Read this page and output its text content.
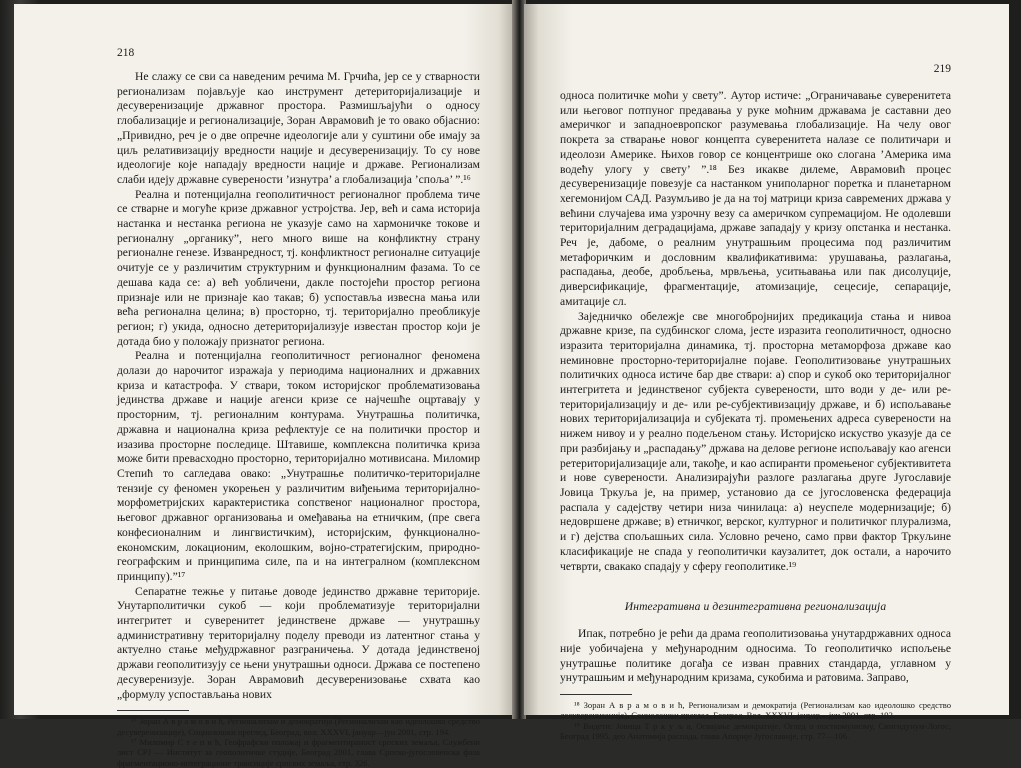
218

Не слажу се сви са наведеним речима М. Грчића, јер се у стварности регионализам појављује као инструмент детериторијализације и десуверенизације државног простора. Размишљајући о односу глобализације и регионализације, Зоран Аврамовић је то овако објаснио: „Привидно, реч је о две опречне идеологије али у суштини обе имају за циљ релативизацију вредности нације и десуверенизацију. То су нове идеологије које нападају вредности нације и државе. Регионализам слаби идеју државне суверености ’изнутра’ а глобализација ’споља’ ”.¹⁶

Реална и потенцијална геополитичност регионалног проблема тиче се стварне и могуће кризе државног устројства. Јер, већ и сама историја настанка и нестанка региона не указује само на хармоничке токове и регионалну „органику”, него много више на конфликтну страну регионалне генезе. Изванредност, тј. конфликтност регионалне ситуације очитује се у различитим структурним и функционалним фазама. То се дешава када се: а) већ уобличени, дакле постојећи простор региона признаје или не признаје као такав; б) успоставља извесна мања или већа регионална целина; в) просторно, тј. територијално преобликује регион; г) укида, односно детериторијализује известан простор који је дотада био у положају признатог региона.

Реална и потенцијална геополитичност регионалног феномена долази до нарочитог изражаја у периодима националних и државних криза и катастрофа. У ствари, током историјског проблематизовања јединства државе и нације агенси кризе се најчешће оцртавају у просторним, тј. регионалним контурама. Унутрашња политичка, државна и национална криза рефлектује се на политички простор и изазива просторне последице. Штавише, комплексна политичка криза може бити превасходно просторно, територијално мотивисана. Миломир Степић то сагледава овако: „Унутрашње политичко-територијалне тензије су феномен укорењен у различитим виђењима територијално-морфометријских карактеристика сопственог националног простора, његовог државног организовања и омеђавања на етничким, (пре свега конфесионалним и лингвистичким), историјским, функционално-економским, локационим, еколошким, војно-стратегијским, природно-географским и принципима силе, па и на интегралном (комплексном принципу).”¹⁷

Сепаратне тежње у питање доводе јединство државне територије. Унутарполитички сукоб — који проблематизује територијални интегритет и суверенитет јединствене државе — унутрашњу административну територијалну поделу преводи из латентног стања у актуелно стање међудржавног разграничења. У дотада јединственој држави геополитизују се њени унутрашњи односи. Држава се постепено десуверенизује. Зоран Аврамовић десуверенизовање схвата као „формулу успостављања нових

¹⁶ Зоран А в р а м о в и ћ, Регионализам и демократија (Регионализам као идеолошко средство десуверенизације), Социолошки преглед, Београд, вол. XXXVI, јануар—јун 2001, стр. 194.

¹⁷ Миломир С т е п и ћ, Геофрафски положај и фрагментираност српских земаља, Службени лист СРЈ — Институт за геополитичке студије, Београд 2001, глава Српско-југословенска фаза фрагментационо-интеграционе трансиције српских земаља, стр. 326.

219

односа политичке моћи у свету”. Аутор истиче: „Ограничавање суверенитета или његовог потпуног предавања у руке моћним државама је саставни део америчког и западноевропског разумевања глобализације. На челу овог покрета за стварање новог концепта суверенитета налазе се политичари и идеолози Америке. Њихов говор се концентрише око слогана ’Америка има водећу улогу у свету’ ”.¹⁸ Без икакве дилеме, Аврамовић процес десуверенизације повезује са настанком униполарног поретка и планетарном хегемонијом САД. Разумљиво је да на тој матрици криза савремених држава у већини случајева има узрочну везу са америчком супремацијом. Не одолевши територијалним деградацијама, државе западају у кризу опстанка и нестанка. Реч је, дабоме, о реалним унутрашњим процесима под различитим метафоричким и дословним квалификативима: урушавања, разлагања, распадања, деобе, дробљења, мрвљења, уситњавања или пак дисолуције, диверсификације, фрагментације, атомизације, сецесије, сепарације, амитације сл.

Заједничко обележје све многобројнијих предикација стања и нивоа државне кризе, па судбинског слома, јесте изразита геополитичност, односно изразита територијална динамика, тј. просторна метаморфоза државе као неминовне просторно-територијалне појаве. Геополитизовање унутрашњих политичких односа истиче бар две ствари: а) спор и сукоб око територијалног интегритета и јединственог субјекта суверености, што води у де- или ре-територијализацију и де- или ре-субјективизацију државе, и б) испољавање нових територијализација и субјеката тј. промењених адреса суверености на нижем нивоу и у реално подељеном стању. Историјско искуство указује да се при разбијању и „распадању” држава на деловe регионе испољавају као агенси ретериторијализације али, такође, и као аспиранти промењеног субјективитета и нове суверености. Анализирајући разлоге разлагања друге Југославије Јовица Тркуља је, на пример, установио да се југословенска федерација распала у садејству четири низа чинилаца: а) неуспеле модернизације; б) недовршене државе; в) етничког, верског, културног и политичког плурализма, и г) дејства спољашњих сила. Условно речено, само први фактор Тркуљине класификације не спада у геополитички каузалитет, док остали, а нарочито четврти, свакако спадају у сферу геополитике.¹⁹

Интегративна и дезинтегративна регионализација

Ипак, потребно је рећи да драма геополитизовања унутардржавних односа није уобичајена у међународним односима. То геополитичко испољење унутрашње политике догађа се изван правних стандарда, углавном у унутрашњим и међународним кризама, сукобима и ратовима. Заправо,

¹⁸ Зоран А в р а м о в и ћ, Регионализам и демократија (Регионализам као идеолошко средство десуверенизације), Социолошки преглед, Београд, Вол. XXXVI, јануар—јун 2001, стр. 193.

¹⁹ Видети: Јовица Т р к у љ а, Освајање демократије. Оглед о посткомунизму, Сингидунум-Логос, Београд 1995, део Анатомија распада, глава Апорије Југославије, стр. 77—106.
